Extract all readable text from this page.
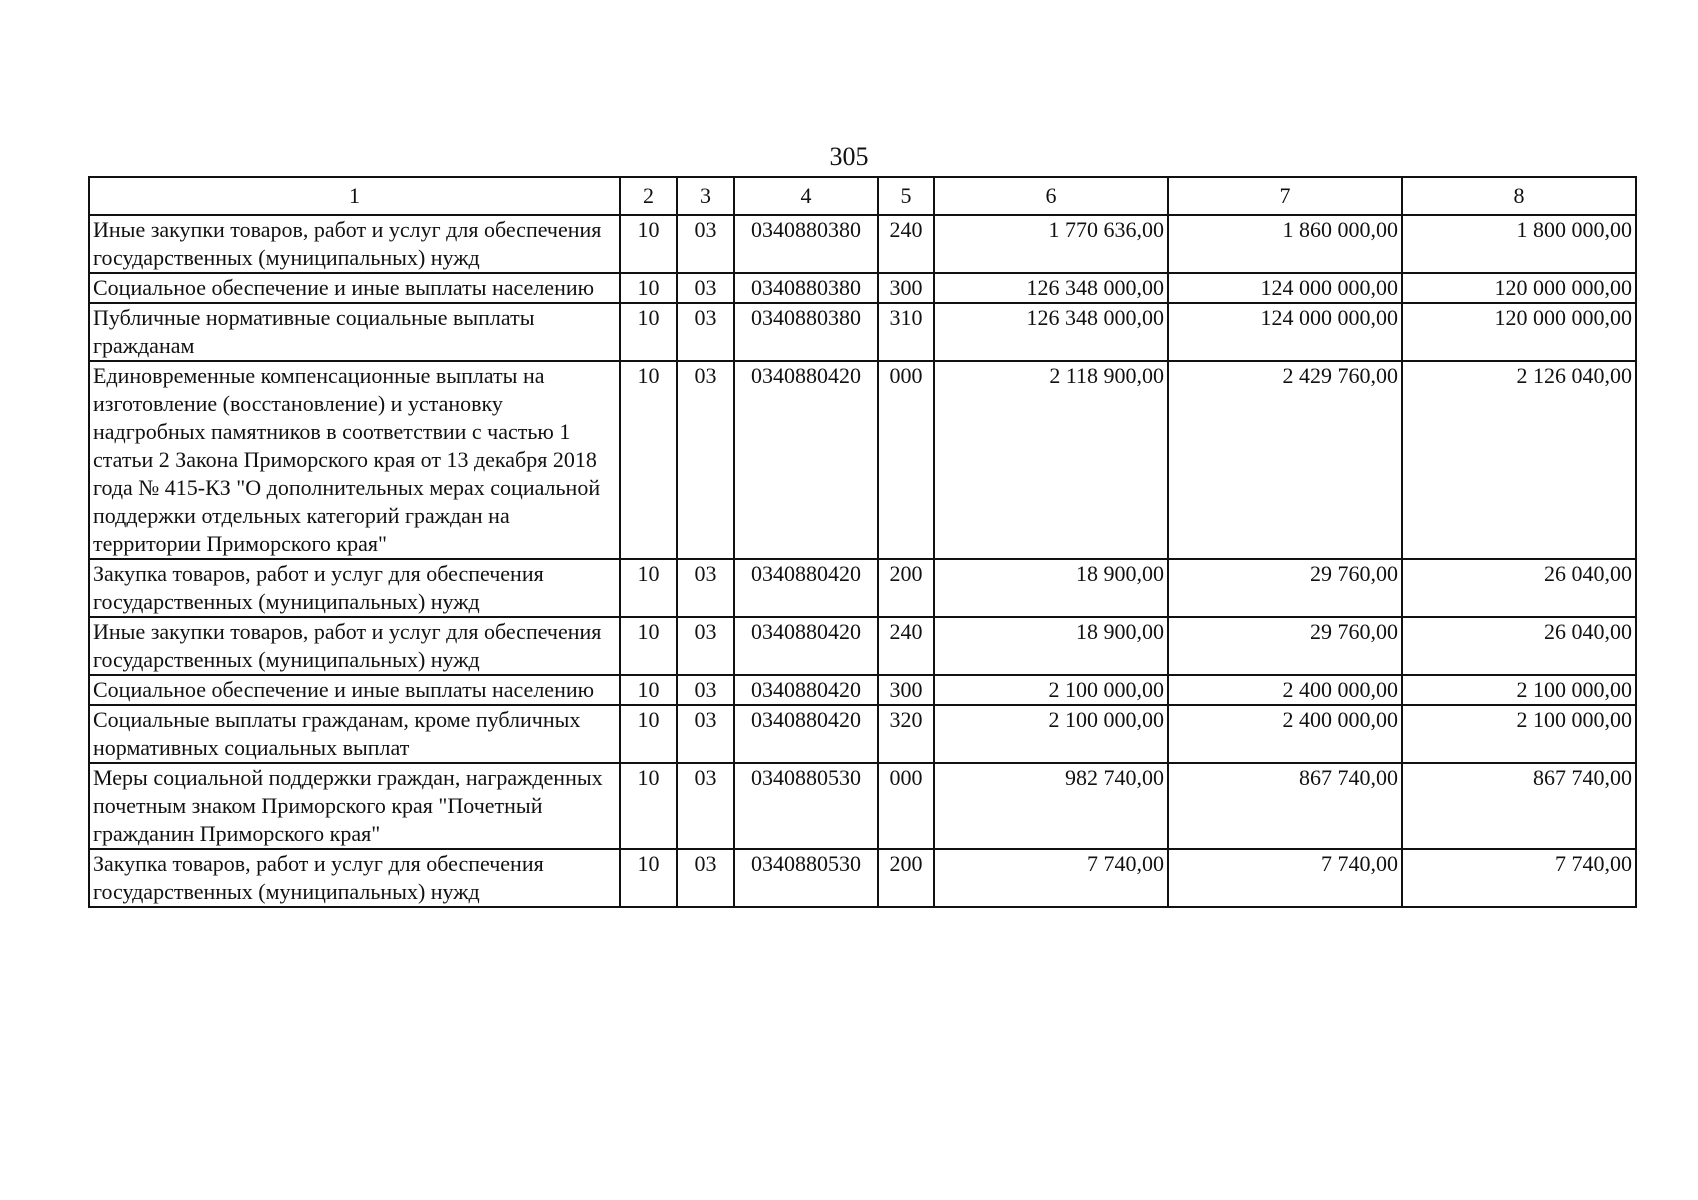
305
1	2	3	4	5	6	7	8
Иные закупки товаров, работ и услуг для обеспечения государственных (муниципальных) нужд	10	03	0340880380	240	1 770 636,00	1 860 000,00	1 800 000,00
Социальное обеспечение и иные выплаты населению	10	03	0340880380	300	126 348 000,00	124 000 000,00	120 000 000,00
Публичные нормативные социальные выплаты гражданам	10	03	0340880380	310	126 348 000,00	124 000 000,00	120 000 000,00
Единовременные компенсационные выплаты на изготовление (восстановление) и установку надгробных памятников в соответствии с частью 1 статьи 2 Закона Приморского края от 13 декабря 2018 года № 415-КЗ "О дополнительных мерах социальной поддержки отдельных категорий граждан на территории Приморского края"	10	03	0340880420	000	2 118 900,00	2 429 760,00	2 126 040,00
Закупка товаров, работ и услуг для обеспечения государственных (муниципальных) нужд	10	03	0340880420	200	18 900,00	29 760,00	26 040,00
Иные закупки товаров, работ и услуг для обеспечения государственных (муниципальных) нужд	10	03	0340880420	240	18 900,00	29 760,00	26 040,00
Социальное обеспечение и иные выплаты населению	10	03	0340880420	300	2 100 000,00	2 400 000,00	2 100 000,00
Социальные выплаты гражданам, кроме публичных нормативных социальных выплат	10	03	0340880420	320	2 100 000,00	2 400 000,00	2 100 000,00
Меры социальной поддержки граждан, награжденных почетным знаком Приморского края "Почетный гражданин Приморского края"	10	03	0340880530	000	982 740,00	867 740,00	867 740,00
Закупка товаров, работ и услуг для обеспечения государственных (муниципальных) нужд	10	03	0340880530	200	7 740,00	7 740,00	7 740,00
